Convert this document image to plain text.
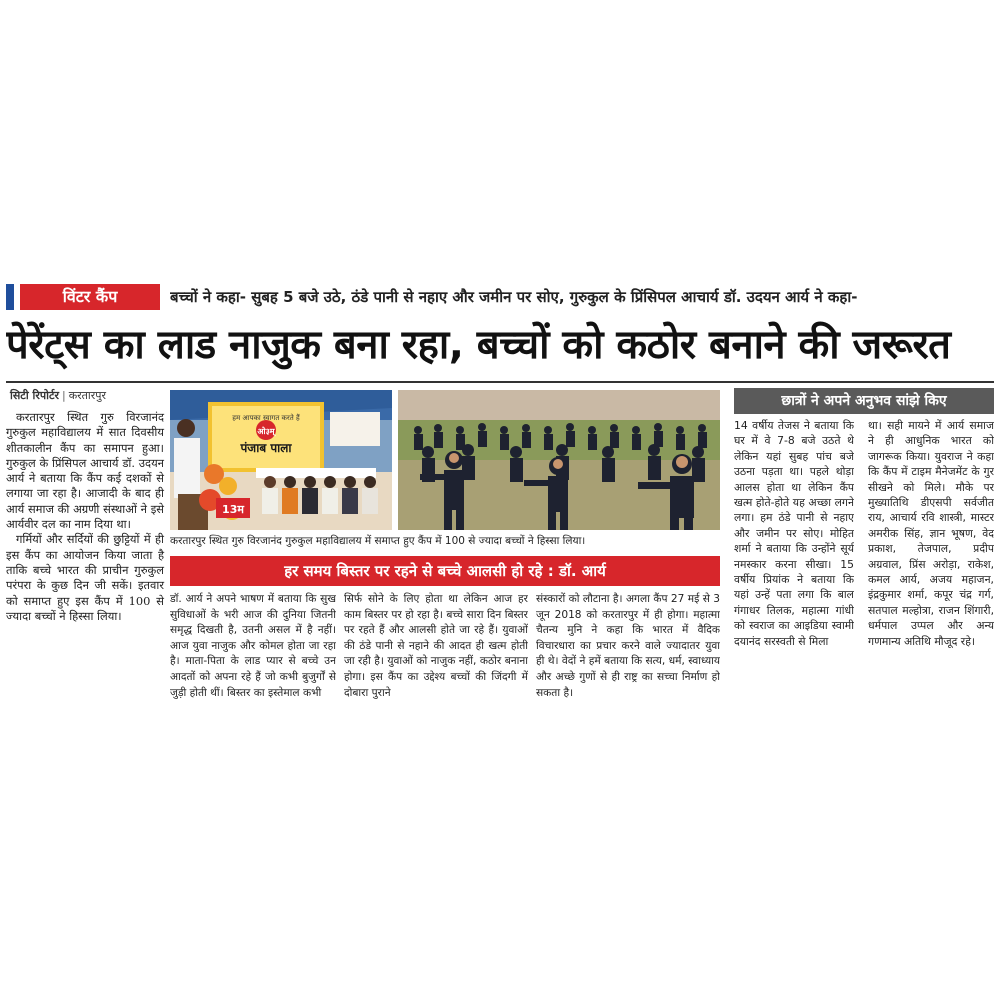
विंटर कैंप	बच्चों ने कहा- सुबह 5 बजे उठे, ठंडे पानी से नहाए और जमीन पर सोए, गुरुकुल के प्रिंसिपल आचार्य डॉ. उदयन आर्य ने कहा-
पेरेंट्स का लाड नाजुक बना रहा, बच्चों को कठोर बनाने की जरूरत
सिटी रिपोर्टर | करतारपुर

करतारपुर स्थित गुरु विरजानंद गुरुकुल महाविद्यालय में सात दिवसीय शीतकालीन कैंप का समापन हुआ। गुरुकुल के प्रिंसिपल आचार्य डॉ. उदयन आर्य ने बताया कि कैंप कई दशकों से लगाया जा रहा है। आजादी के बाद ही आर्य समाज की अग्रणी संस्थाओं ने इसे आर्यवीर दल का नाम दिया था।

गर्मियों और सर्दियों की छुट्टियों में ही इस कैंप का आयोजन किया जाता है ताकि बच्चे भारत की प्राचीन गुरुकुल परंपरा के कुछ दिन जी सकें। इतवार को समाप्त हुए इस कैंप में 100 से ज्यादा बच्चों ने हिस्सा लिया।

हम आपका स्वागत करते हैं
पंजाब पाला
ओ३म्
13म
करतारपुर स्थित गुरु विरजानंद गुरुकुल महाविद्यालय में समाप्त हुए कैंप में 100 से ज्यादा बच्चों ने हिस्सा लिया।
हर समय बिस्तर पर रहने से बच्चे आलसी हो रहे : डॉ. आर्य
डॉ. आर्य ने अपने भाषण में बताया कि सुख सुविधाओं के भरी आज की दुनिया जितनी समृद्ध दिखती है, उतनी असल में है नहीं। आज युवा नाजुक और कोमल होता जा रहा है। माता-पिता के लाड प्यार से बच्चे उन आदतों को अपना रहे हैं जो कभी बुजुर्गों से जुड़ी होती थीं। बिस्तर का इस्तेमाल कभी
सिर्फ सोने के लिए होता था लेकिन आज हर काम बिस्तर पर हो रहा है। बच्चे सारा दिन बिस्तर पर रहते हैं और आलसी होते जा रहे हैं। युवाओं की ठंडे पानी से नहाने की आदत ही खत्म होती जा रही है। युवाओं को नाजुक नहीं, कठोर बनाना होगा। इस कैंप का उद्देश्य बच्चों की जिंदगी में दोबारा पुराने
संस्कारों को लौटाना है। अगला कैंप 27 मई से 3 जून 2018 को करतारपुर में ही होगा। महात्मा चैतन्य मुनि ने कहा कि भारत में वैदिक विचारधारा का प्रचार करने वाले ज्यादातर युवा ही थे। वेदों ने हमें बताया कि सत्य, धर्म, स्वाध्याय और अच्छे गुणों से ही राष्ट्र का सच्चा निर्माण हो सकता है।
छात्रों ने अपने अनुभव सांझे किए
14 वर्षीय तेजस ने बताया कि घर में वे 7-8 बजे उठते थे लेकिन यहां सुबह पांच बजे उठना पड़ता था। पहले थोड़ा आलस होता था लेकिन कैंप खत्म होते-होते यह अच्छा लगने लगा। हम ठंडे पानी से नहाए और जमीन पर सोए। मोहित शर्मा ने बताया कि उन्होंने सूर्य नमस्कार करना सीखा। 15 वर्षीय प्रियांक ने बताया कि यहां उन्हें पता लगा कि बाल गंगाधर तिलक, महात्मा गांधी को स्वराज का आइडिया स्वामी दयानंद सरस्वती से मिला
था। सही मायने में आर्य समाज ने ही आधुनिक भारत को जागरूक किया। युवराज ने कहा कि कैंप में टाइम मैनेजमेंट के गुर सीखने को मिले। मौके पर मुख्यातिथि डीएसपी सर्वजीत राय, आचार्य रवि शास्त्री, मास्टर अमरीक सिंह, ज्ञान भूषण, वेद प्रकाश, तेजपाल, प्रदीप अग्रवाल, प्रिंस अरोड़ा, राकेश, कमल आर्य, अजय महाजन, इंद्रकुमार शर्मा, कपूर चंद्र गर्ग, सतपाल मल्होत्रा, राजन शिंगारी, धर्मपाल उप्पल और अन्य गणमान्य अतिथि मौजूद रहे।
